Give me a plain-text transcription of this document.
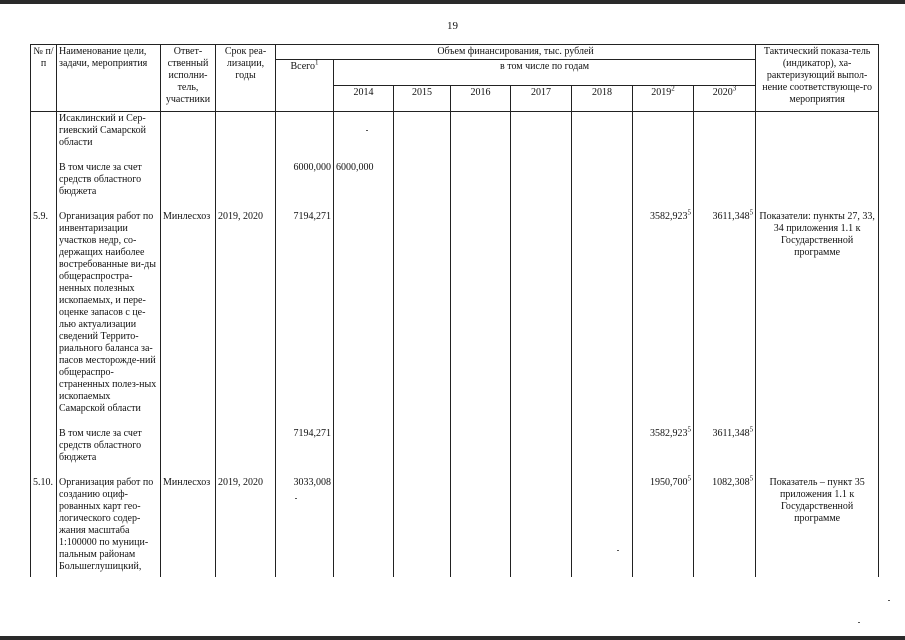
19
№ п/п	Наименование цели, задачи, мероприятия	Ответ-ственный исполни-тель, участники	Срок реа-лизации, годы	Объем финансирования, тыс. рублей								Тактический показа-тель (индикатор), ха-рактеризующий выпол-нение соответствующе-го мероприятия
				Всего$^1$	в том числе по годам							
					2014	2015	2016	2017	2018	2019$^2$	2020$^3$
	Исаклинский и Сер-гиевский Самарской области											
	В том числе за счет средств областного бюджета			6000,000	6000,000							
5.9.	Организация работ по инвентаризации участков недр, со-держащих наиболее востребованные ви-ды общераспростра-ненных полезных ископаемых, и пере-оценке запасов с це-лью актуализации сведений Террито-риального баланса за-пасов месторожде-ний общераспро-страненных полез-ных ископаемых Самарской области	Минлесхоз	2019, 2020	7194,271						3582,923$^5$	3611,348$^5$	Показатели: пункты 27, 33, 34 приложения 1.1 к Государственной программе
	В том числе за счет средств областного бюджета			7194,271						3582,923$^5$	3611,348$^5$	
5.10.	Организация работ по созданию оциф-рованных карт гео-логического содер-жания масштаба 1:100000 по муници-пальным районам Большеглушицкий,	Минлесхоз	2019, 2020	3033,008						1950,700$^5$	1082,308$^5$	Показатель – пункт 35 приложения 1.1 к Государственной программе
